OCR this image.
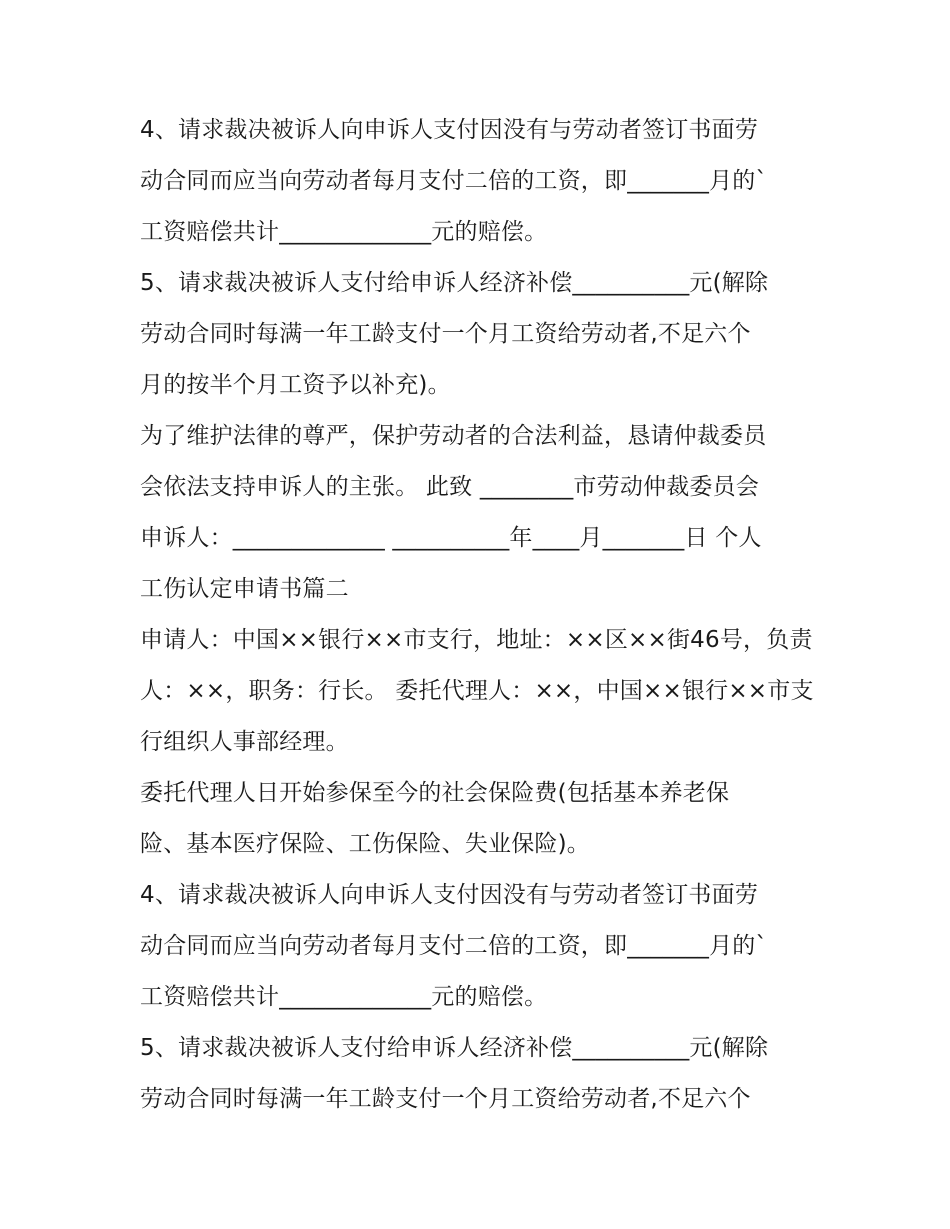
4、请求裁决被诉人向申诉人支付因没有与劳动者签订书面劳
动合同而应当向劳动者每月支付二倍的工资，即_______月的`
工资赔偿共计_____________元的赔偿。
5、请求裁决被诉人支付给申诉人经济补偿__________元(解除
劳动合同时每满一年工龄支付一个月工资给劳动者,不足六个
月的按半个月工资予以补充)。
为了维护法律的尊严，保护劳动者的合法利益，恳请仲裁委员
会依法支持申诉人的主张。 此致 ________市劳动仲裁委员会
申诉人：_____________ __________年____月_______日 个人
工伤认定申请书篇二
申请人：中国××银行××市支行，地址：××区××街46号，负责
人：××，职务：行长。 委托代理人：××，中国××银行××市支
行组织人事部经理。
委托代理人日开始参保至今的社会保险费(包括基本养老保
险、基本医疗保险、工伤保险、失业保险)。
4、请求裁决被诉人向申诉人支付因没有与劳动者签订书面劳
动合同而应当向劳动者每月支付二倍的工资，即_______月的`
工资赔偿共计_____________元的赔偿。
5、请求裁决被诉人支付给申诉人经济补偿__________元(解除
劳动合同时每满一年工龄支付一个月工资给劳动者,不足六个
